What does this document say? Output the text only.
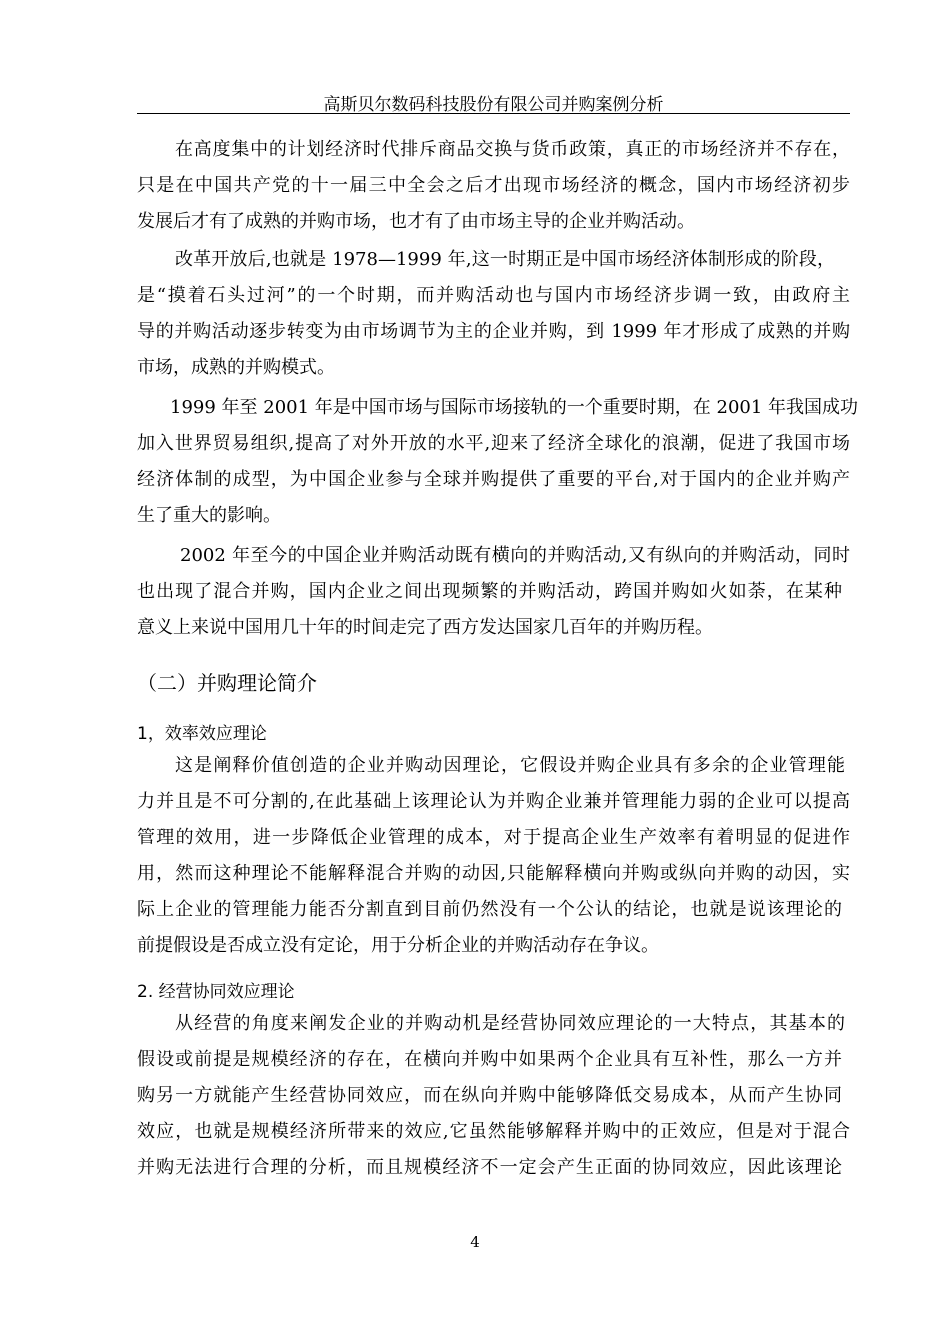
高斯贝尔数码科技股份有限公司并购案例分析
在高度集中的计划经济时代排斥商品交换与货币政策，真正的市场经济并不存在，
只是在中国共产党的十一届三中全会之后才出现市场经济的概念，国内市场经济初步
发展后才有了成熟的并购市场，也才有了由市场主导的企业并购活动。
改革开放后,也就是 1978—1999 年,这一时期正是中国市场经济体制形成的阶段，
是“摸着石头过河”的一个时期，而并购活动也与国内市场经济步调一致，由政府主
导的并购活动逐步转变为由市场调节为主的企业并购，到 1999 年才形成了成熟的并购
市场，成熟的并购模式。
1999 年至 2001 年是中国市场与国际市场接轨的一个重要时期，在 2001 年我国成功
加入世界贸易组织,提高了对外开放的水平,迎来了经济全球化的浪潮，促进了我国市场
经济体制的成型，为中国企业参与全球并购提供了重要的平台,对于国内的企业并购产
生了重大的影响。
2002 年至今的中国企业并购活动既有横向的并购活动,又有纵向的并购活动，同时
也出现了混合并购，国内企业之间出现频繁的并购活动，跨国并购如火如荼，在某种
意义上来说中国用几十年的时间走完了西方发达国家几百年的并购历程。
（二）并购理论简介
1，效率效应理论
这是阐释价值创造的企业并购动因理论，它假设并购企业具有多余的企业管理能
力并且是不可分割的,在此基础上该理论认为并购企业兼并管理能力弱的企业可以提高
管理的效用，进一步降低企业管理的成本，对于提高企业生产效率有着明显的促进作
用，然而这种理论不能解释混合并购的动因,只能解释横向并购或纵向并购的动因，实
际上企业的管理能力能否分割直到目前仍然没有一个公认的结论，也就是说该理论的
前提假设是否成立没有定论，用于分析企业的并购活动存在争议。
2. 经营协同效应理论
从经营的角度来阐发企业的并购动机是经营协同效应理论的一大特点，其基本的
假设或前提是规模经济的存在，在横向并购中如果两个企业具有互补性，那么一方并
购另一方就能产生经营协同效应，而在纵向并购中能够降低交易成本，从而产生协同
效应，也就是规模经济所带来的效应,它虽然能够解释并购中的正效应，但是对于混合
并购无法进行合理的分析，而且规模经济不一定会产生正面的协同效应，因此该理论
4
